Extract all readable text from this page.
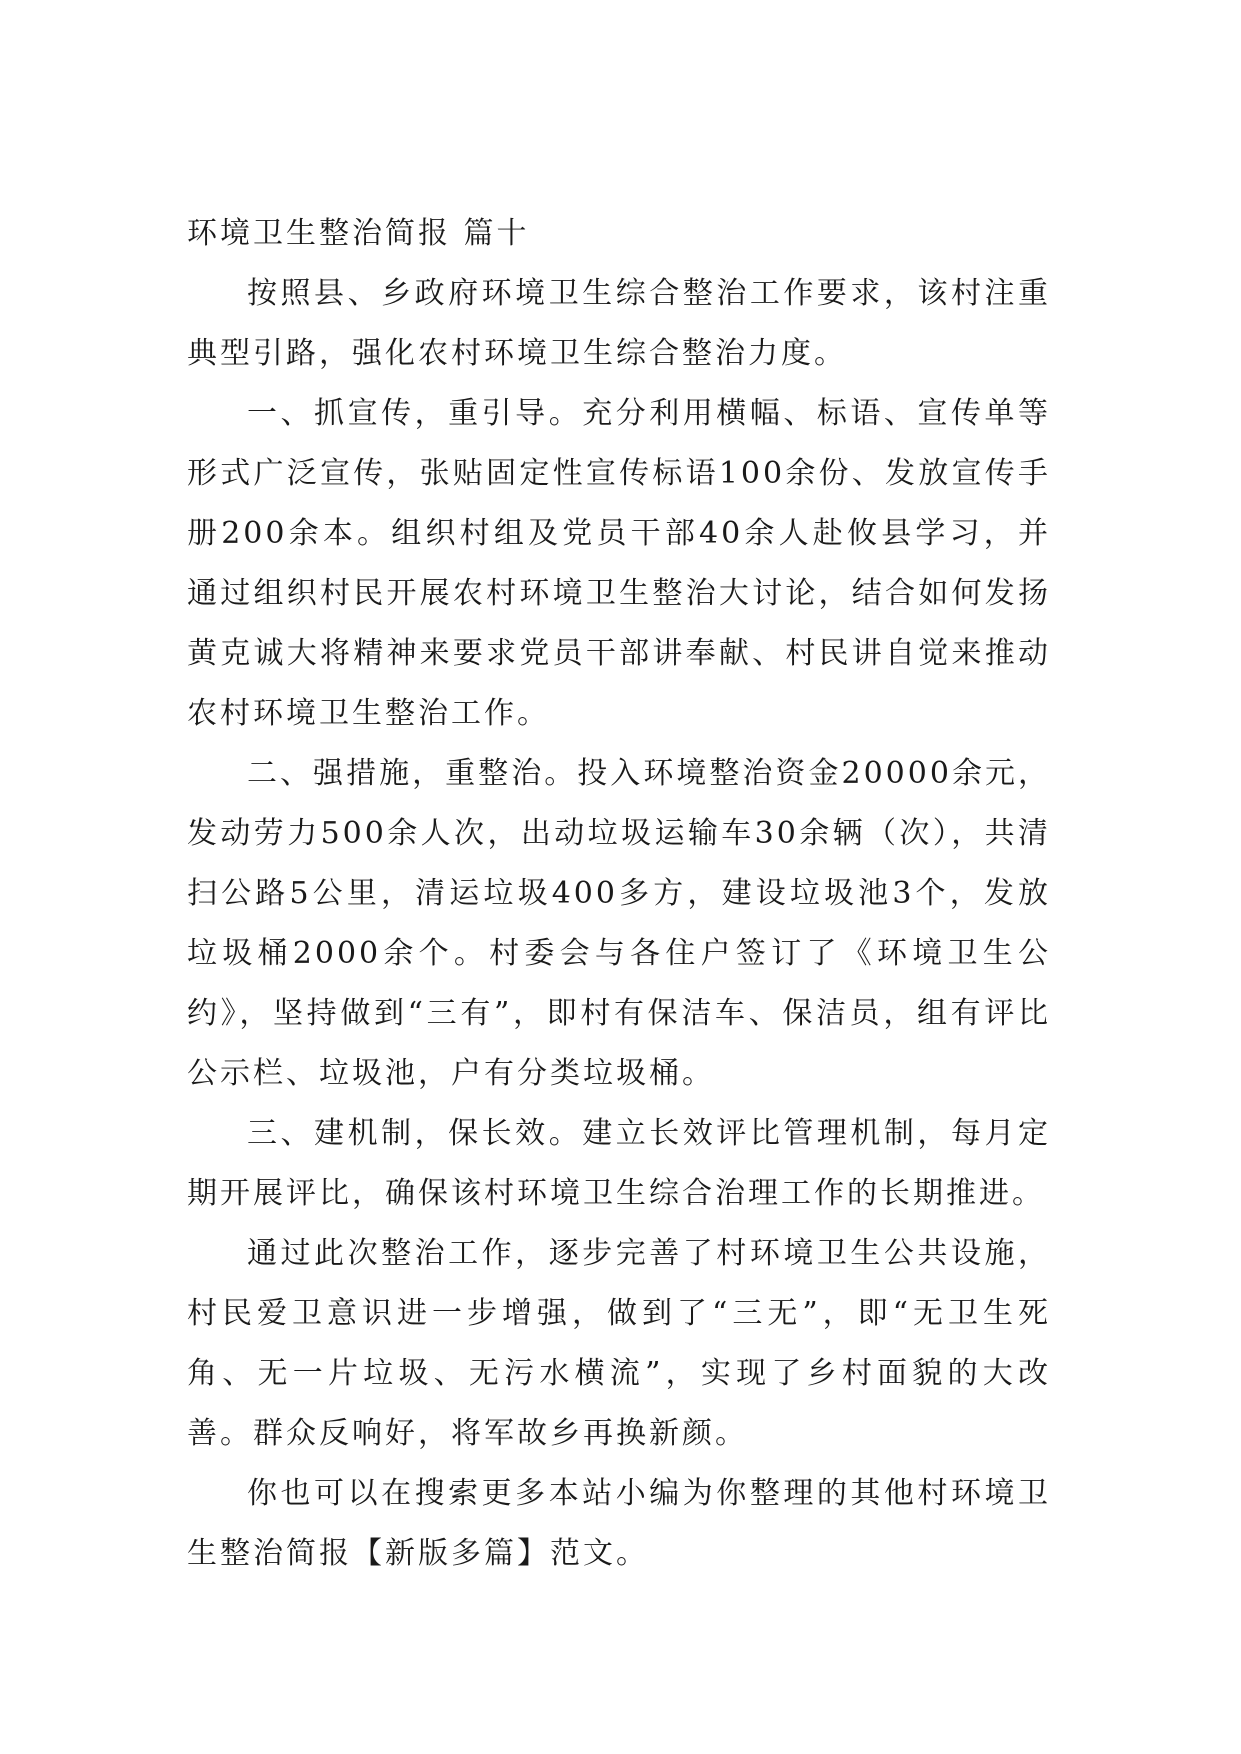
环境卫生整治简报 篇十

按照县、乡政府环境卫生综合整治工作要求，该村注重典型引路，强化农村环境卫生综合整治力度。

一、抓宣传，重引导。充分利用横幅、标语、宣传单等形式广泛宣传，张贴固定性宣传标语100余份、发放宣传手册200余本。组织村组及党员干部40余人赴攸县学习，并通过组织村民开展农村环境卫生整治大讨论，结合如何发扬黄克诚大将精神来要求党员干部讲奉献、村民讲自觉来推动农村环境卫生整治工作。

二、强措施，重整治。投入环境整治资金20000余元，发动劳力500余人次，出动垃圾运输车30余辆（次），共清扫公路5公里，清运垃圾400多方，建设垃圾池3个，发放垃圾桶2000余个。村委会与各住户签订了《环境卫生公约》，坚持做到“三有”，即村有保洁车、保洁员，组有评比公示栏、垃圾池，户有分类垃圾桶。

三、建机制，保长效。建立长效评比管理机制，每月定期开展评比，确保该村环境卫生综合治理工作的长期推进。

通过此次整治工作，逐步完善了村环境卫生公共设施，村民爱卫意识进一步增强，做到了“三无”，即“无卫生死角、无一片垃圾、无污水横流”，实现了乡村面貌的大改善。群众反响好，将军故乡再换新颜。

你也可以在搜索更多本站小编为你整理的其他村环境卫生整治简报【新版多篇】范文。
